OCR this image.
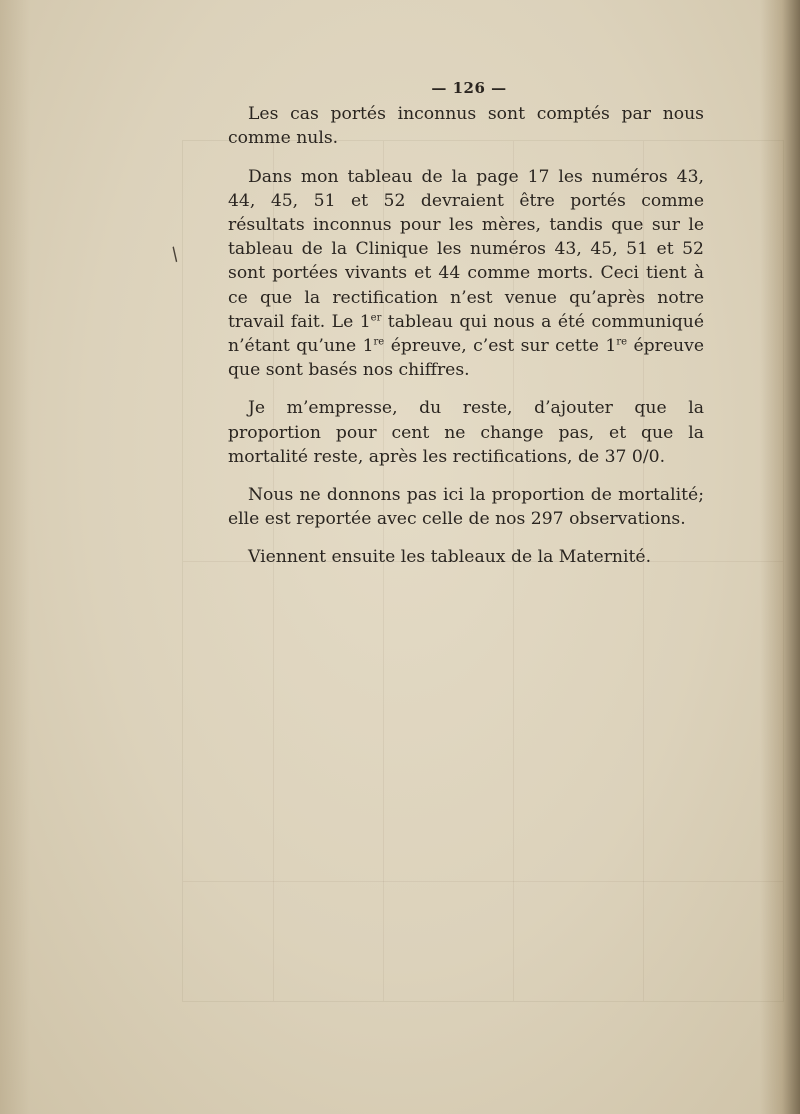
/
— 126 —

Les cas portés inconnus sont comptés par nous comme nuls.

Dans mon tableau de la page 17 les numéros 43, 44, 45, 51 et 52 devraient être portés comme résultats inconnus pour les mères, tandis que sur le tableau de la Clinique les numéros 43, 45, 51 et 52 sont portées vivants et 44 comme morts. Ceci tient à ce que la rectification n’est venue qu’après notre travail fait. Le 1er tableau qui nous a été communiqué n’étant qu’une 1re épreuve, c’est sur cette 1re épreuve que sont basés nos chiffres.

Je m’empresse, du reste, d’ajouter que la proportion pour cent ne change pas, et que la mortalité reste, après les rectifications, de 37 0/0.

Nous ne donnons pas ici la proportion de mortalité; elle est reportée avec celle de nos 297 observations.

Viennent ensuite les tableaux de la Maternité.
